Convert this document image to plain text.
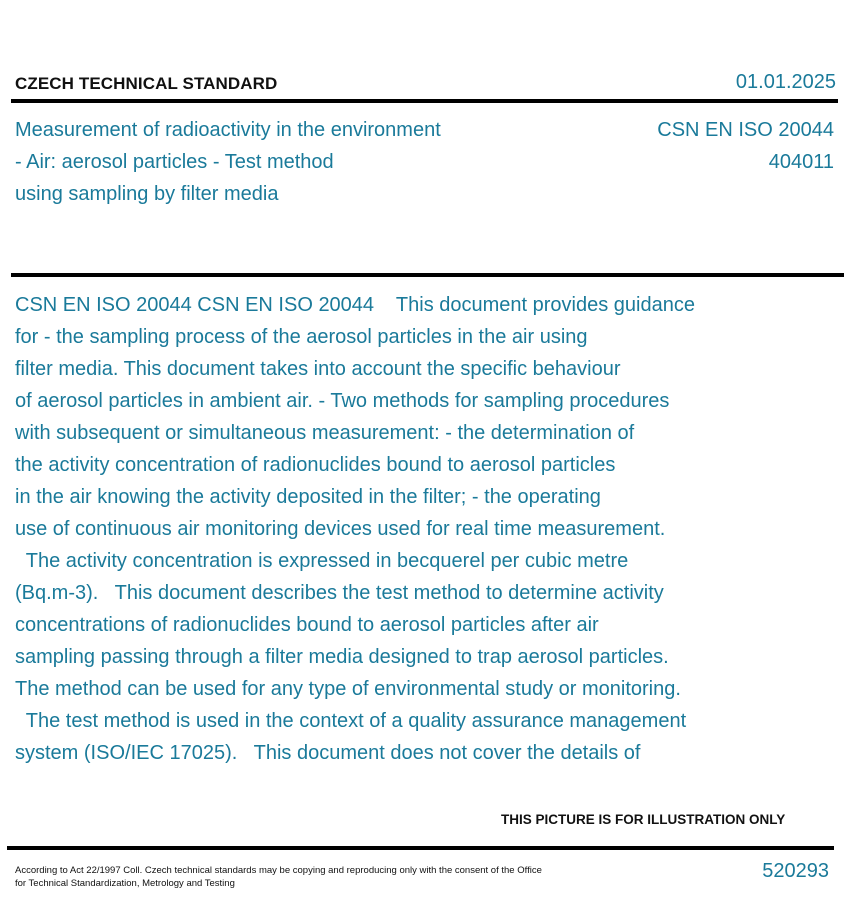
CZECH TECHNICAL STANDARD	01.01.2025
Measurement of radioactivity in the environment
- Air: aerosol particles - Test method
using sampling by filter media
CSN EN ISO 20044
404011
CSN EN ISO 20044 CSN EN ISO 20044    This document provides guidance
for - the sampling process of the aerosol particles in the air using
filter media. This document takes into account the specific behaviour
of aerosol particles in ambient air. - Two methods for sampling procedures
with subsequent or simultaneous measurement: - the determination of
the activity concentration of radionuclides bound to aerosol particles
in the air knowing the activity deposited in the filter; - the operating
use of continuous air monitoring devices used for real time measurement.
The activity concentration is expressed in becquerel per cubic metre
(Bq.m-3).   This document describes the test method to determine activity
concentrations of radionuclides bound to aerosol particles after air
sampling passing through a filter media designed to trap aerosol particles.
The method can be used for any type of environmental study or monitoring.
The test method is used in the context of a quality assurance management
system (ISO/IEC 17025).   This document does not cover the details of
THIS PICTURE IS FOR ILLUSTRATION ONLY
According to Act 22/1997 Coll. Czech technical standards may be copying and reproducing only with the consent of the Office
for Technical Standardization, Metrology and Testing
520293
